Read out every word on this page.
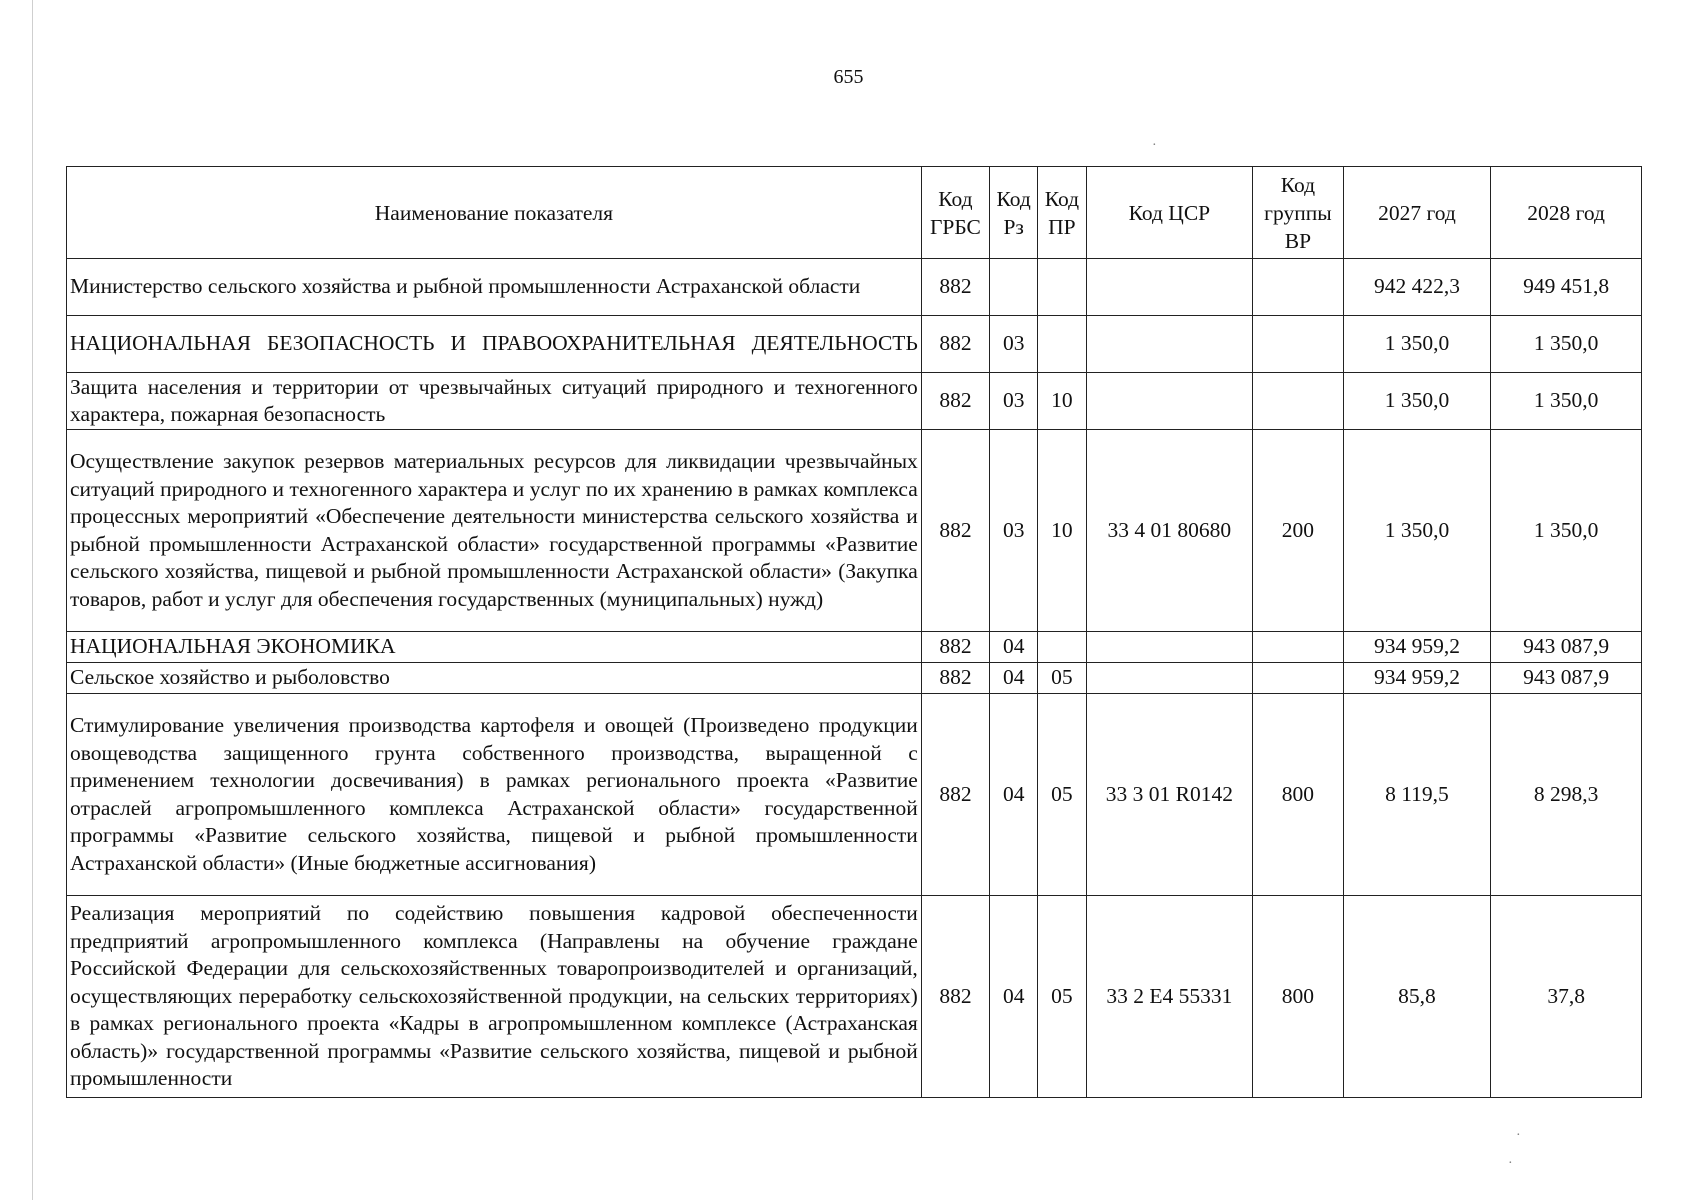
655
Наименование показателя	Код ГРБС	Код Рз	Код ПР	Код ЦСР	Код группы ВР	2027 год	2028 год
Министерство сельского хозяйства и рыбной промышленности Астраханской области	882					942 422,3	949 451,8
НАЦИОНАЛЬНАЯ БЕЗОПАСНОСТЬ И ПРАВООХРАНИТЕЛЬНАЯ ДЕЯТЕЛЬНОСТЬ	882	03				1 350,0	1 350,0
Защита населения и территории от чрезвычайных ситуаций природного и техногенного характера, пожарная безопасность	882	03	10			1 350,0	1 350,0
Осуществление закупок резервов материальных ресурсов для ликвидации чрезвычайных ситуаций природного и техногенного характера и услуг по их хранению в рамках комплекса процессных мероприятий «Обеспечение деятельности министерства сельского хозяйства и рыбной промышленности Астраханской области» государственной программы «Развитие сельского хозяйства, пищевой и рыбной промышленности Астраханской области» (Закупка товаров, работ и услуг для обеспечения государственных (муниципальных) нужд)	882	03	10	33 4 01 80680	200	1 350,0	1 350,0
НАЦИОНАЛЬНАЯ ЭКОНОМИКА	882	04				934 959,2	943 087,9
Сельское хозяйство и рыболовство	882	04	05			934 959,2	943 087,9
Стимулирование увеличения производства картофеля и овощей (Произведено продукции овощеводства защищенного грунта собственного производства, выращенной с применением технологии досвечивания) в рамках регионального проекта «Развитие отраслей агропромышленного комплекса Астраханской области» государственной программы «Развитие сельского хозяйства, пищевой и рыбной промышленности Астраханской области» (Иные бюджетные ассигнования)	882	04	05	33 3 01 R0142	800	8 119,5	8 298,3
Реализация мероприятий по содействию повышения кадровой обеспеченности предприятий агропромышленного комплекса (Направлены на обучение граждане Российской Федерации для сельскохозяйственных товаропроизводителей и организаций, осуществляющих переработку сельскохозяйственной продукции, на сельских территориях) в рамках регионального проекта «Кадры в агропромышленном комплексе (Астраханская область)» государственной программы «Развитие сельского хозяйства, пищевой и рыбной промышленности	882	04	05	33 2 Е4 55331	800	85,8	37,8
·
·
·
